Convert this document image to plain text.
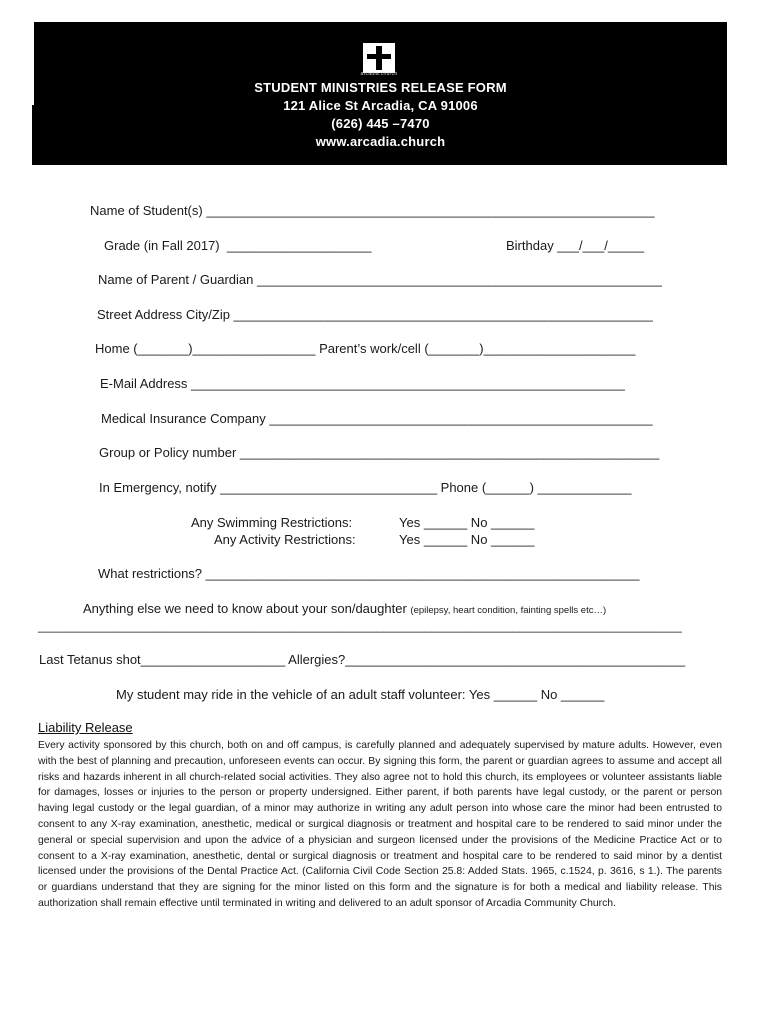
arcadia.church
STUDENT MINISTRIES RELEASE FORM
121 Alice St Arcadia, CA 91006
(626) 445 –7470
www.arcadia.church
Name of Student(s) ______________________________________________________________
Grade (in Fall 2017)  ____________________	Birthday ___/___/_____
Name of Parent / Guardian ________________________________________________________
Street Address City/Zip __________________________________________________________
Home (_______)_________________ Parent’s work/cell (_______)_____________________
E-Mail Address ____________________________________________________________
Medical Insurance Company _____________________________________________________
Group or Policy number __________________________________________________________
In Emergency, notify ______________________________ Phone (______) _____________
Any Swimming Restrictions:
Any Activity Restrictions:
Yes ______ No ______
Yes ______ No ______
What restrictions? ____________________________________________________________
Anything else we need to know about your son/daughter (epilepsy, heart condition, fainting spells etc…)
_______________________________________________________________________________________________
Last Tetanus shot____________________ Allergies?_______________________________________________
My student may ride in the vehicle of an adult staff volunteer: Yes ______ No ______
Liability Release
Every activity sponsored by this church, both on and off campus, is carefully planned and adequately supervised by mature adults. However, even with the best of planning and precaution, unforeseen events can occur. By signing this form, the parent or guardian agrees to assume and accept all risks and hazards inherent in all church-related social activities. They also agree not to hold this church, its employees or volunteer assistants liable for damages, losses or injuries to the person or property undersigned. Either parent, if both parents have legal custody, or the parent or person having legal custody or the legal guardian, of a minor may authorize in writing any adult person into whose care the minor had been entrusted to consent to any X-ray examination, anesthetic, medical or surgical diagnosis or treatment and hospital care to be rendered to said minor under the general or special supervision and upon the advice of a physician and surgeon licensed under the provisions of the Medicine Practice Act or to consent to a X-ray examination, anesthetic, dental or surgical diagnosis or treatment and hospital care to be rendered to said minor by a dentist licensed under the provisions of the Dental Practice Act. (California Civil Code Section 25.8: Added Stats. 1965, c.1524, p. 3616, s 1.). The parents or guardians understand that they are signing for the minor listed on this form and the signature is for both a medical and liability release. This authorization shall remain effective until terminated in writing and delivered to an adult sponsor of Arcadia Community Church.
